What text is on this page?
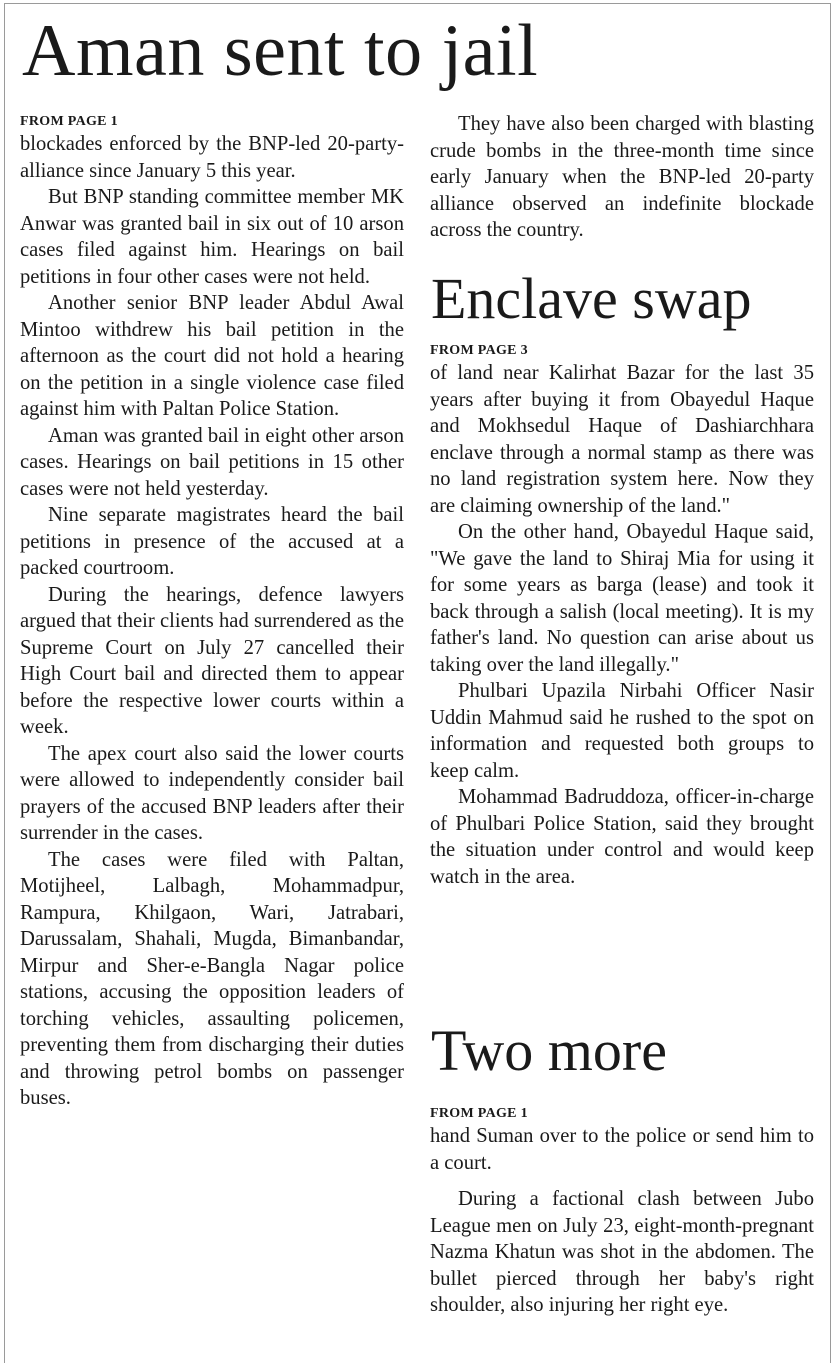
Aman sent to jail

FROM PAGE 1

blockades enforced by the BNP-led 20-party-alliance since January 5 this year.

But BNP standing committee member MK Anwar was granted bail in six out of 10 arson cases filed against him. Hearings on bail petitions in four other cases were not held.

Another senior BNP leader Abdul Awal Mintoo withdrew his bail petition in the afternoon as the court did not hold a hearing on the petition in a single violence case filed against him with Paltan Police Station.

Aman was granted bail in eight other arson cases. Hearings on bail petitions in 15 other cases were not held yesterday.

Nine separate magistrates heard the bail petitions in presence of the accused at a packed courtroom.

During the hearings, defence lawyers argued that their clients had surrendered as the Supreme Court on July 27 cancelled their High Court bail and directed them to appear before the respective lower courts within a week.

The apex court also said the lower courts were allowed to independently consider bail prayers of the accused BNP leaders after their surrender in the cases.

The cases were filed with Paltan, Motijheel, Lalbagh, Mohammadpur, Rampura, Khilgaon, Wari, Jatrabari, Darussalam, Shahali, Mugda, Bimanbandar, Mirpur and Sher-e-Bangla Nagar police stations, accusing the opposition leaders of torching vehicles, assaulting policemen, preventing them from discharging their duties and throwing petrol bombs on passenger buses.

They have also been charged with blasting crude bombs in the three-month time since early January when the BNP-led 20-party alliance observed an indefinite blockade across the country.

Enclave swap

FROM PAGE 3

of land near Kalirhat Bazar for the last 35 years after buying it from Obayedul Haque and Mokhsedul Haque of Dashiarchhara enclave through a normal stamp as there was no land registration system here. Now they are claiming ownership of the land."

On the other hand, Obayedul Haque said, "We gave the land to Shiraj Mia for using it for some years as barga (lease) and took it back through a salish (local meeting). It is my father's land. No question can arise about us taking over the land illegally."

Phulbari Upazila Nirbahi Officer Nasir Uddin Mahmud said he rushed to the spot on information and requested both groups to keep calm.

Mohammad Badruddoza, officer-in-charge of Phulbari Police Station, said they brought the situation under control and would keep watch in the area.

Two more

FROM PAGE 1

hand Suman over to the police or send him to a court.

During a factional clash between Jubo League men on July 23, eight-month-pregnant Nazma Khatun was shot in the abdomen. The bullet pierced through her baby's right shoulder, also injuring her right eye.
